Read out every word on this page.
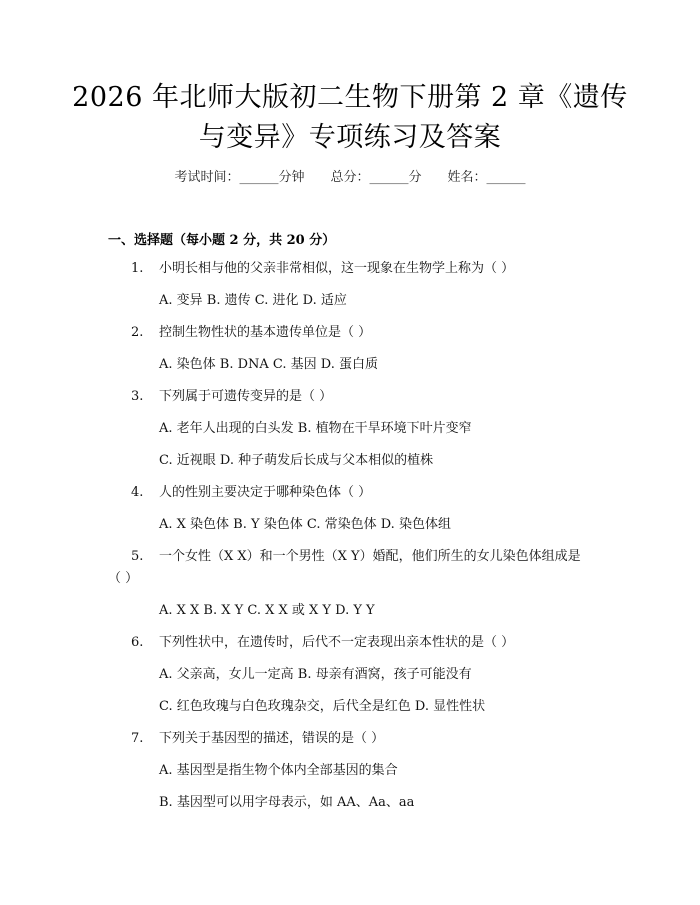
2026 年北师大版初二生物下册第 2 章《遗传
与变异》专项练习及答案
考试时间：______分钟 总分：______分 姓名：______
一、选择题（每小题 2 分，共 20 分）
1. 小明长相与他的父亲非常相似，这一现象在生物学上称为（ ）
A. 变异 B. 遗传 C. 进化 D. 适应
2. 控制生物性状的基本遗传单位是（ ）
A. 染色体 B. DNA C. 基因 D. 蛋白质
3. 下列属于可遗传变异的是（ ）
A. 老年人出现的白头发 B. 植物在干旱环境下叶片变窄
C. 近视眼 D. 种子萌发后长成与父本相似的植株
4. 人的性别主要决定于哪种染色体（ ）
A. X 染色体 B. Y 染色体 C. 常染色体 D. 染色体组
5. 一个女性（X X）和一个男性（X Y）婚配，他们所生的女儿染色体组成是
（ ）
A. X X B. X Y C. X X 或 X Y D. Y Y
6. 下列性状中，在遗传时，后代不一定表现出亲本性状的是（ ）
A. 父亲高，女儿一定高 B. 母亲有酒窝，孩子可能没有
C. 红色玫瑰与白色玫瑰杂交，后代全是红色 D. 显性性状
7. 下列关于基因型的描述，错误的是（ ）
A. 基因型是指生物个体内全部基因的集合
B. 基因型可以用字母表示，如 AA、Aa、aa
